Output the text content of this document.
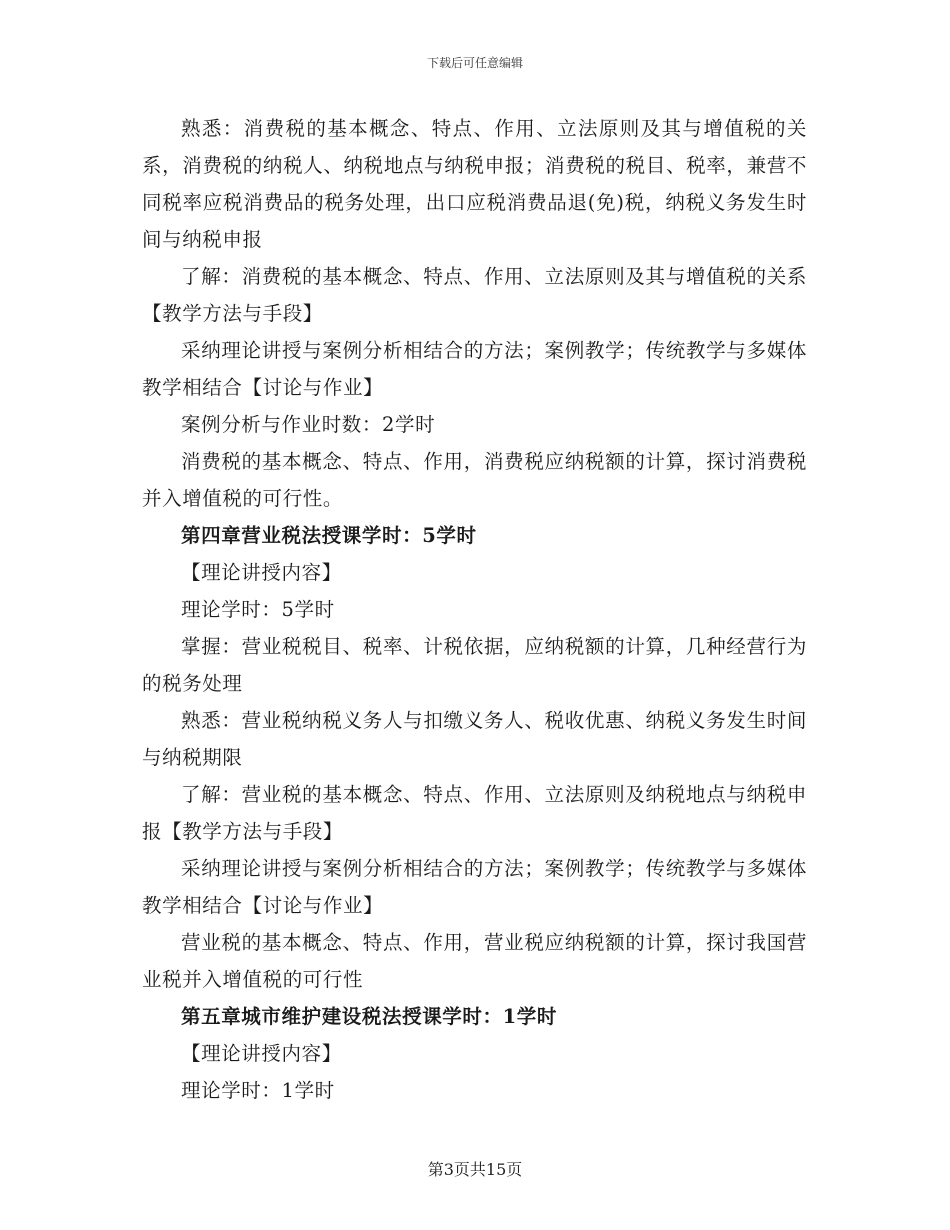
下载后可任意编辑

熟悉：消费税的基本概念、特点、作用、立法原则及其与增值税的关系，消费税的纳税人、纳税地点与纳税申报；消费税的税目、税率，兼营不同税率应税消费品的税务处理，出口应税消费品退(免)税，纳税义务发生时间与纳税申报

了解：消费税的基本概念、特点、作用、立法原则及其与增值税的关系【教学方法与手段】

采纳理论讲授与案例分析相结合的方法；案例教学；传统教学与多媒体教学相结合【讨论与作业】

案例分析与作业时数：2学时

消费税的基本概念、特点、作用，消费税应纳税额的计算，探讨消费税并入增值税的可行性。

第四章营业税法授课学时：5学时

【理论讲授内容】

理论学时：5学时

掌握：营业税税目、税率、计税依据，应纳税额的计算，几种经营行为的税务处理

熟悉：营业税纳税义务人与扣缴义务人、税收优惠、纳税义务发生时间与纳税期限

了解：营业税的基本概念、特点、作用、立法原则及纳税地点与纳税申报【教学方法与手段】

采纳理论讲授与案例分析相结合的方法；案例教学；传统教学与多媒体教学相结合【讨论与作业】

营业税的基本概念、特点、作用，营业税应纳税额的计算，探讨我国营业税并入增值税的可行性

第五章城市维护建设税法授课学时：1学时

【理论讲授内容】

理论学时：1学时

第3页共15页
